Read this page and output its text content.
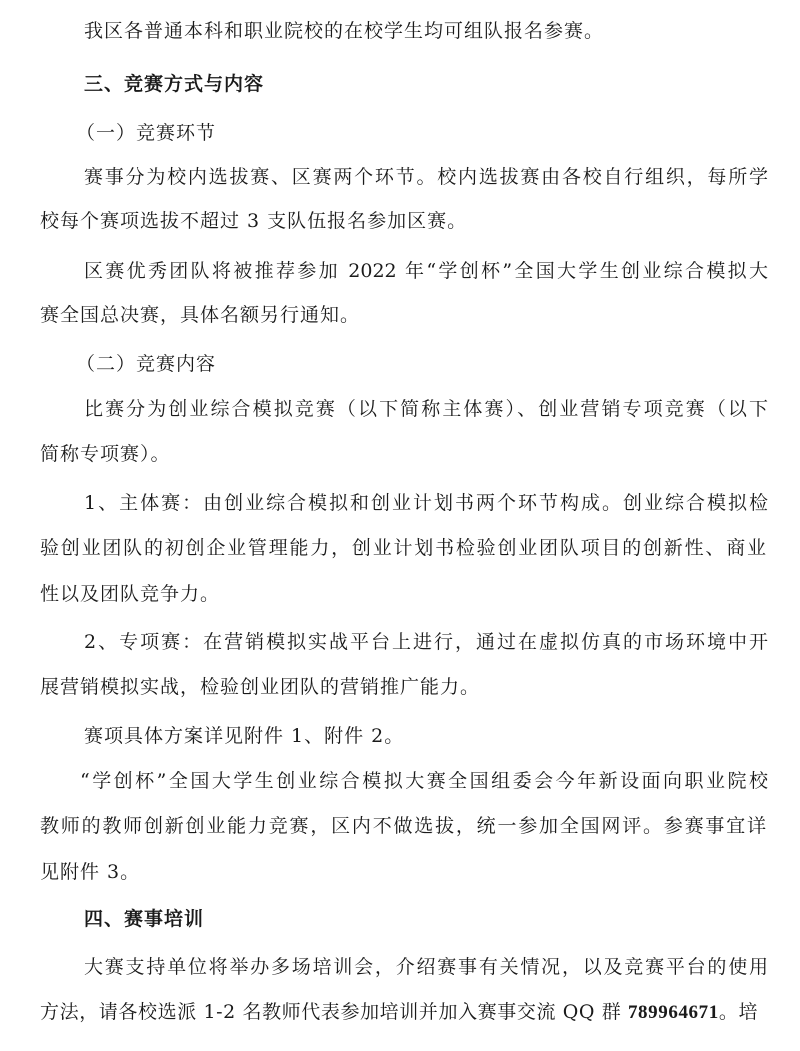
我区各普通本科和职业院校的在校学生均可组队报名参赛。
三、竞赛方式与内容
（一）竞赛环节
赛事分为校内选拔赛、区赛两个环节。校内选拔赛由各校自行组织，每所学
校每个赛项选拔不超过 3 支队伍报名参加区赛。
区赛优秀团队将被推荐参加 2022 年“学创杯”全国大学生创业综合模拟大
赛全国总决赛，具体名额另行通知。
（二）竞赛内容
比赛分为创业综合模拟竞赛（以下简称主体赛）、创业营销专项竞赛（以下
简称专项赛）。
1、主体赛：由创业综合模拟和创业计划书两个环节构成。创业综合模拟检
验创业团队的初创企业管理能力，创业计划书检验创业团队项目的创新性、商业
性以及团队竞争力。
2、专项赛：在营销模拟实战平台上进行，通过在虚拟仿真的市场环境中开
展营销模拟实战，检验创业团队的营销推广能力。
赛项具体方案详见附件 1、附件 2。
“学创杯”全国大学生创业综合模拟大赛全国组委会今年新设面向职业院校
教师的教师创新创业能力竞赛，区内不做选拔，统一参加全国网评。参赛事宜详
见附件 3。
四、赛事培训
大赛支持单位将举办多场培训会，介绍赛事有关情况，以及竞赛平台的使用
方法，请各校选派 1-2 名教师代表参加培训并加入赛事交流 QQ 群 789964671。培
